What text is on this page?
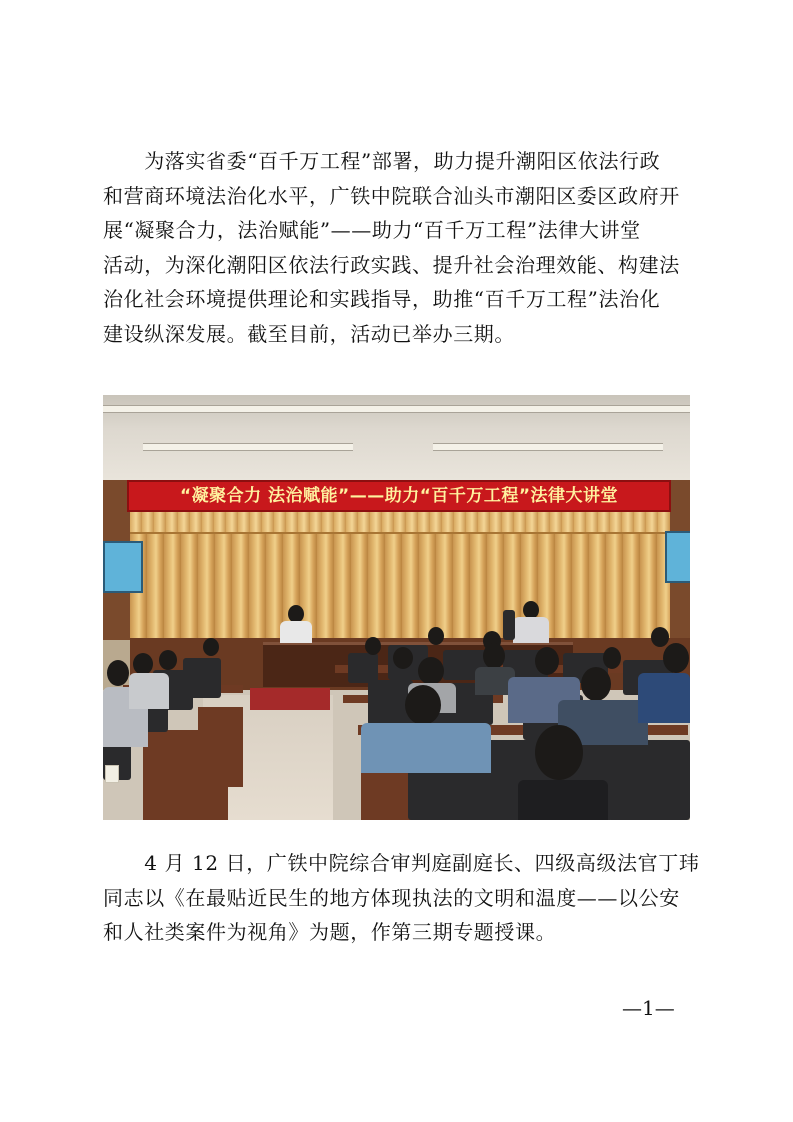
　　为落实省委“百千万工程”部署，助力提升潮阳区依法行政
和营商环境法治化水平，广铁中院联合汕头市潮阳区委区政府开
展“凝聚合力，法治赋能”——助力“百千万工程”法律大讲堂
活动，为深化潮阳区依法行政实践、提升社会治理效能、构建法
治化社会环境提供理论和实践指导，助推“百千万工程”法治化
建设纵深发展。截至目前，活动已举办三期。
“凝聚合力 法治赋能”——助力“百千万工程”法律大讲堂
　　4 月 12 日，广铁中院综合审判庭副庭长、四级高级法官丁玮
同志以《在最贴近民生的地方体现执法的文明和温度——以公安
和人社类案件为视角》为题，作第三期专题授课。
—1—
